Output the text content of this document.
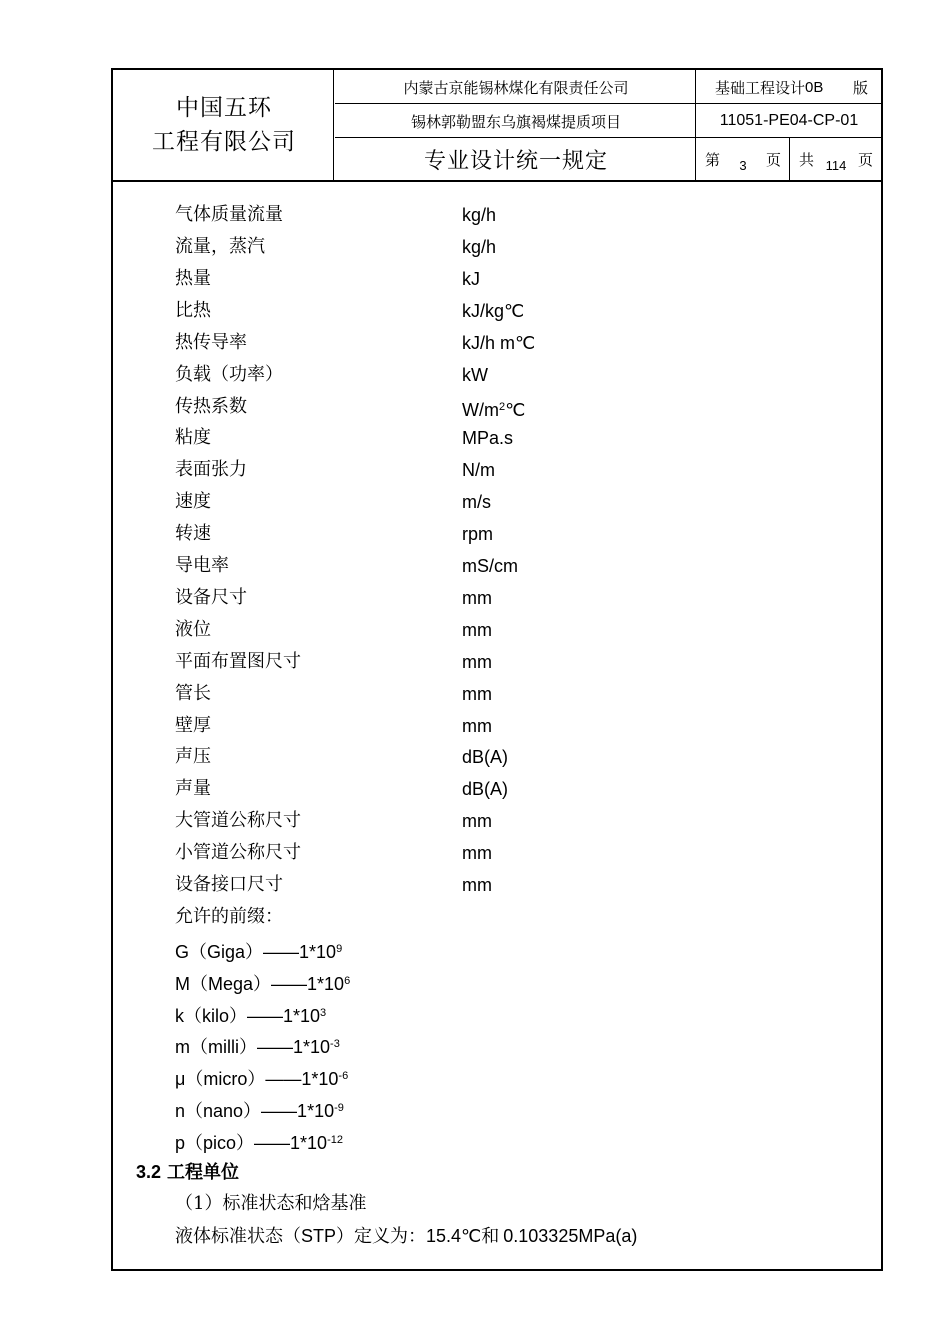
中国五环
工程有限公司
内蒙古京能锡林煤化有限责任公司
锡林郭勒盟东乌旗褐煤提质项目
专业设计统一规定
基础工程设计 0B 版
11051-PE04-CP-01
第 3 页 共 114 页
气体质量流量	kg/h
流量，蒸汽	kg/h
热量	kJ
比热	kJ/kg℃
热传导率	kJ/h m℃
负载（功率）	kW
传热系数	$W/m^2℃$
粘度	MPa.s
表面张力	N/m
速度	m/s
转速	rpm
导电率	mS/cm
设备尺寸	mm
液位	mm
平面布置图尺寸	mm
管长	mm
壁厚	mm
声压	dB(A)
声量	dB(A)
大管道公称尺寸	mm
小管道公称尺寸	mm
设备接口尺寸	mm
允许的前缀：
$G(Giga)——1*10^9$
$M(Mega)——1*10^6$
$k(kilo)——1*10^3$
$m(milli)——1*10^{-3}$
$\mu(micro)——1*10^{-6}$
$n(nano)——1*10^{-9}$
$p(pico)——1*10^{-12}$
3.2 工程单位
（1）标准状态和焓基准
液体标准状态（STP）定义为：15.4℃和 0.103325MPa(a)
